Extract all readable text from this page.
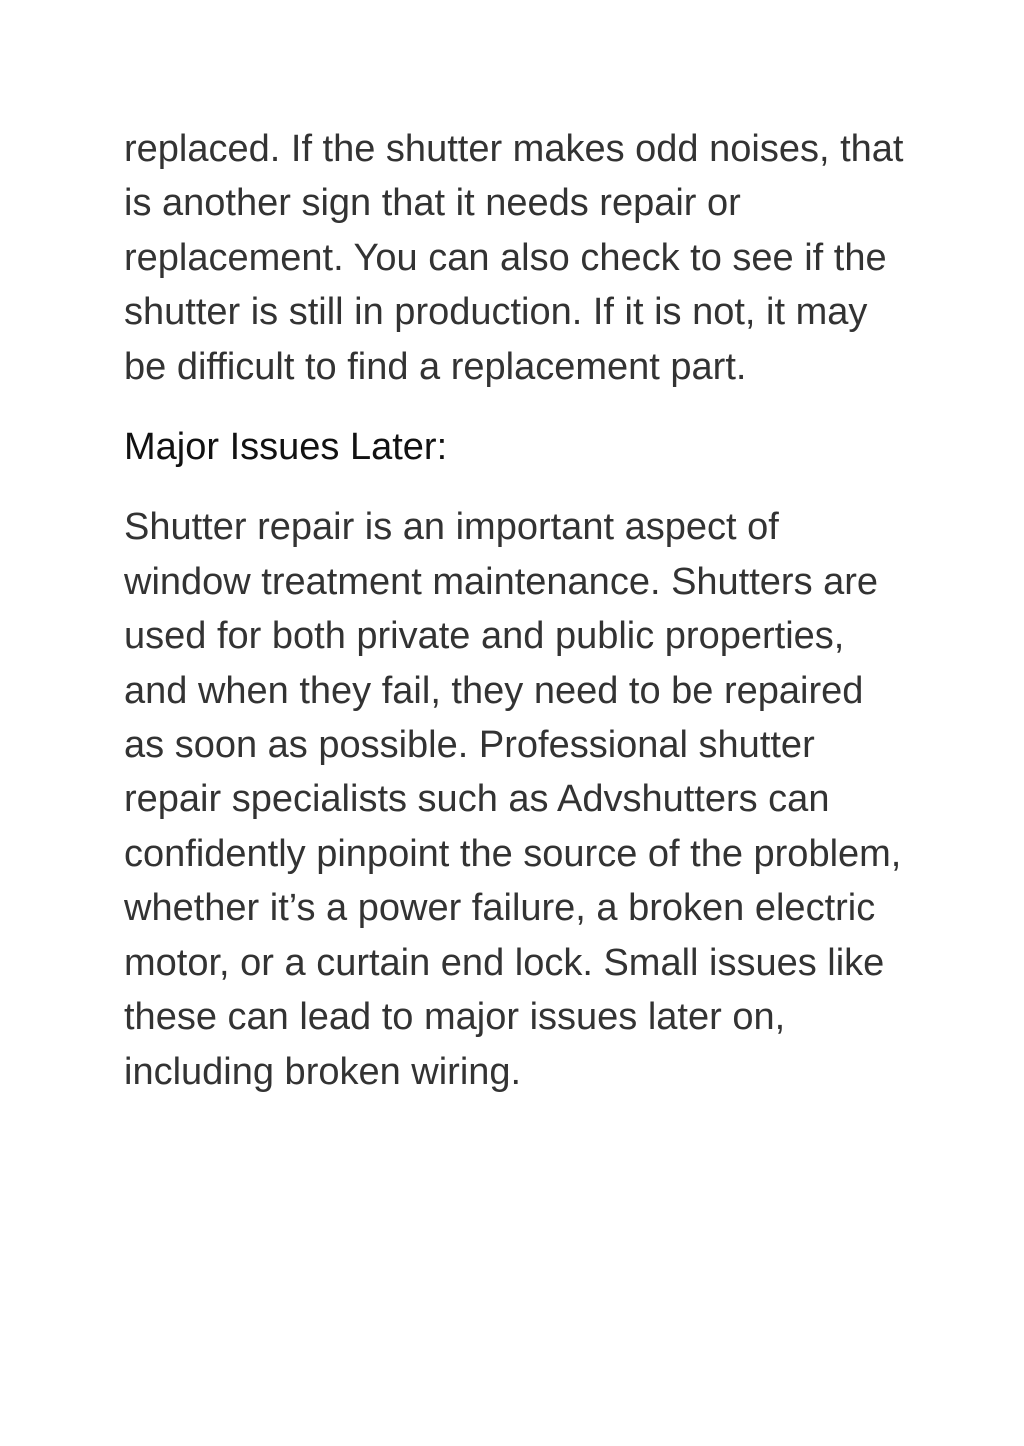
replaced. If the shutter makes odd noises, that is another sign that it needs repair or replacement. You can also check to see if the shutter is still in production. If it is not, it may be difficult to find a replacement part.

Major Issues Later:

Shutter repair is an important aspect of window treatment maintenance. Shutters are used for both private and public properties, and when they fail, they need to be repaired as soon as possible. Professional shutter repair specialists such as Advshutters can confidently pinpoint the source of the problem, whether it’s a power failure, a broken electric motor, or a curtain end lock. Small issues like these can lead to major issues later on, including broken wiring.
